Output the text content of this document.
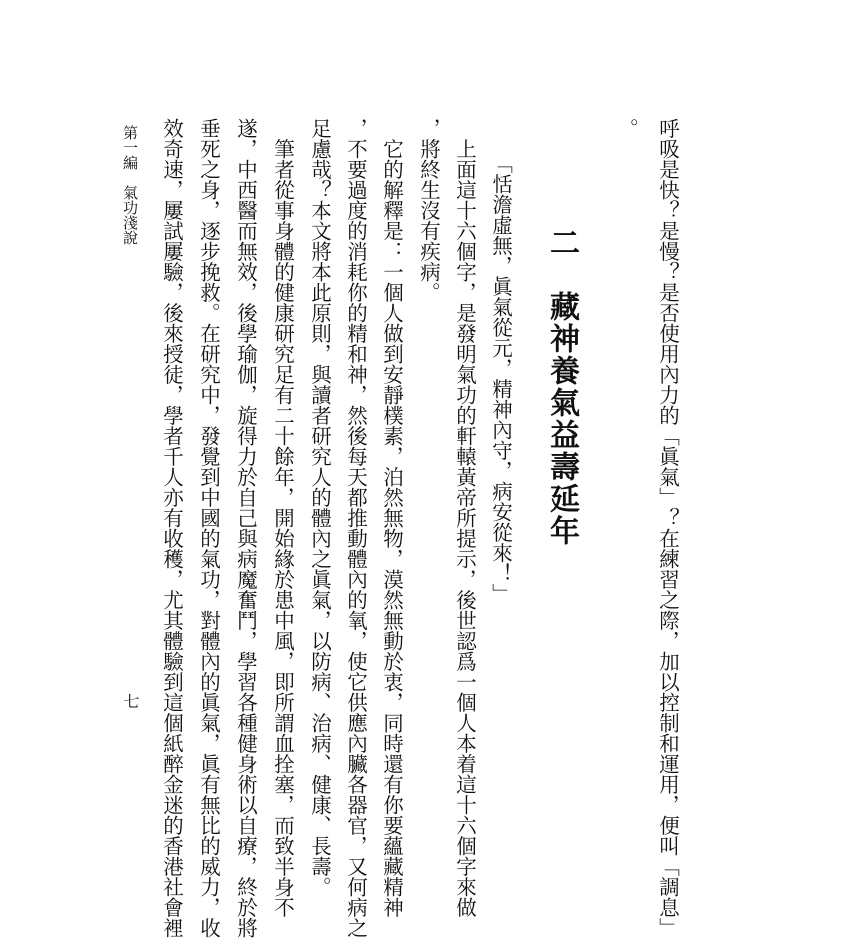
呼吸是快？是慢？是否使用內力的「眞氣」？在練習之際，加以控制和運用，便叫「調息」
。
二　藏神養氣益壽延年
「恬澹虛無，眞氣從元，精神內守，病安從來！」
　上面這十六個字，是發明氣功的軒轅黃帝所提示，後世認爲一個人本着這十六個字來做
，將終生沒有疾病。
　它的解釋是：一個人做到安靜樸素，泊然無物，漠然無動於衷，同時還有你要蘊藏精神
，不要過度的消耗你的精和神，然後每天都推動體內的氧，使它供應內臟各器官，又何病之
足慮哉？本文將本此原則，與讀者研究人的體內之眞氣，以防病、治病、健康、長壽。
　筆者從事身體的健康研究足有二十餘年，開始緣於患中風，即所謂血拴塞，而致半身不
遂，中西醫而無效，後學瑜伽，旋得力於自己與病魔奮鬥，學習各種健身術以自療，終於將
垂死之身，逐步挽救。在研究中，發覺到中國的氣功，對體內的眞氣，眞有無比的威力，收
效奇速，屢試屢驗，後來授徒，學者千人亦有收穫，尤其體驗到這個紙醉金迷的香港社會裡
第一編　氣功淺說
七
